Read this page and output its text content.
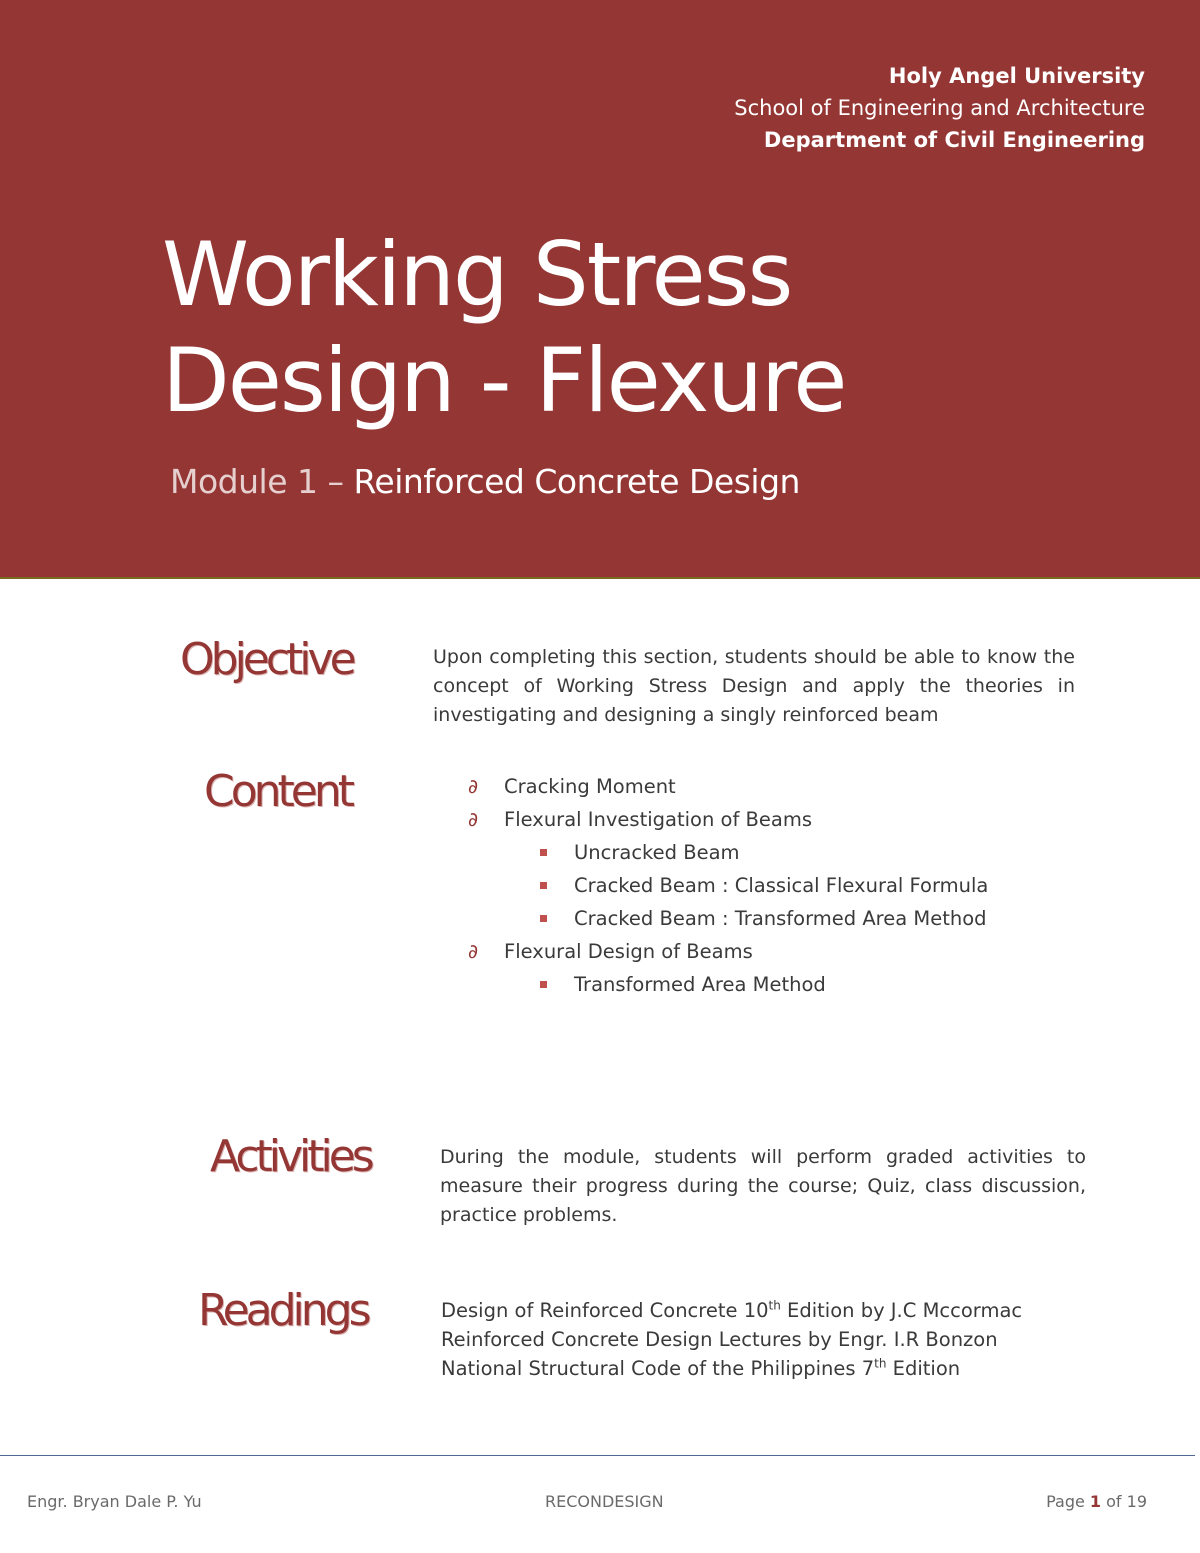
Holy Angel University
School of Engineering and Architecture
Department of Civil Engineering
Working Stress
Design - Flexure
Module 1 – Reinforced Concrete Design
Objective	Upon completing this section, students should be able to know the concept of Working Stress Design and apply the theories in investigating and designing a singly reinforced beam
Content	∂ Cracking Moment
∂ Flexural Investigation of Beams
Uncracked Beam
Cracked Beam : Classical Flexural Formula
Cracked Beam : Transformed Area Method
∂ Flexural Design of Beams
Transformed Area Method
Activities	During the module, students will perform graded activities to measure their progress during the course; Quiz, class discussion, practice problems.
Readings	Design of Reinforced Concrete 10th Edition by J.C Mccormac
Reinforced Concrete Design Lectures by Engr. I.R Bonzon
National Structural Code of the Philippines 7th Edition
Engr. Bryan Dale P. Yu	RECONDESIGN	Page 1 of 19
